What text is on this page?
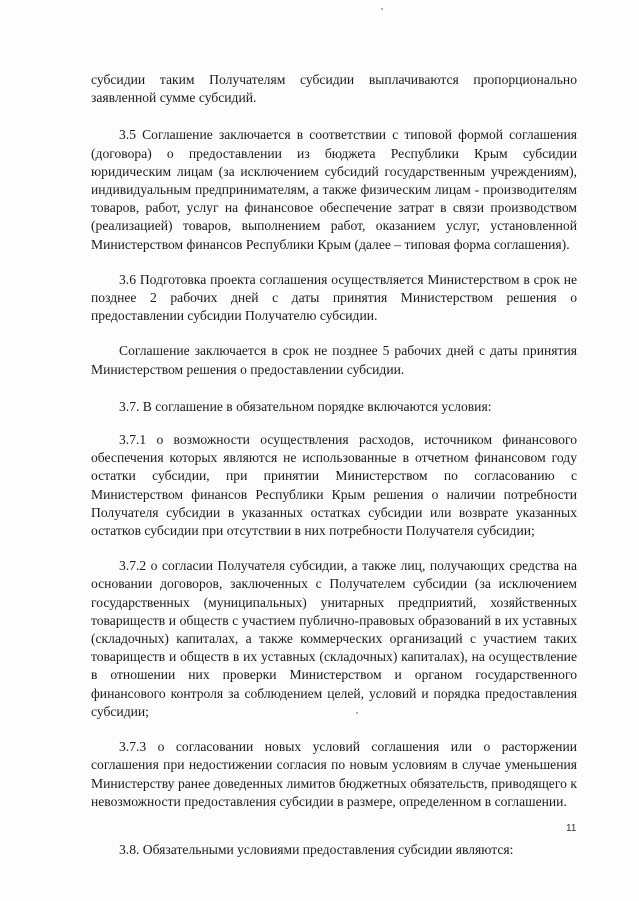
субсидии таким Получателям субсидии выплачиваются пропорционально заявленной сумме субсидий.

3.5 Соглашение заключается в соответствии с типовой формой соглашения (договора) о предоставлении из бюджета Республики Крым субсидии юридическим лицам (за исключением субсидий государственным учреждениям), индивидуальным предпринимателям, а также физическим лицам - производителям товаров, работ, услуг на финансовое обеспечение затрат в связи производством (реализацией) товаров, выполнением работ, оказанием услуг, установленной Министерством финансов Республики Крым (далее – типовая форма соглашения).

3.6 Подготовка проекта соглашения осуществляется Министерством в срок не позднее 2 рабочих дней с даты принятия Министерством решения о предоставлении субсидии Получателю субсидии.

Соглашение заключается в срок не позднее 5 рабочих дней с даты принятия Министерством решения о предоставлении субсидии.

3.7. В соглашение в обязательном порядке включаются условия:

3.7.1 о возможности осуществления расходов, источником финансового обеспечения которых являются не использованные в отчетном финансовом году остатки субсидии, при принятии Министерством по согласованию с Министерством финансов Республики Крым решения о наличии потребности Получателя субсидии в указанных остатках субсидии или возврате указанных остатков субсидии при отсутствии в них потребности Получателя субсидии;

3.7.2 о согласии Получателя субсидии, а также лиц, получающих средства на основании договоров, заключенных с Получателем субсидии (за исключением государственных (муниципальных) унитарных предприятий, хозяйственных товариществ и обществ с участием публично-правовых образований в их уставных (складочных) капиталах, а также коммерческих организаций с участием таких товариществ и обществ в их уставных (складочных) капиталах), на осуществление в отношении них проверки Министерством и органом государственного финансового контроля за соблюдением целей, условий и порядка предоставления субсидии;

3.7.3 о согласовании новых условий соглашения или о расторжении соглашения при недостижении согласия по новым условиям в случае уменьшения Министерству ранее доведенных лимитов бюджетных обязательств, приводящего к невозможности предоставления субсидии в размере, определенном в соглашении.

3.8. Обязательными условиями предоставления субсидии являются:

11
